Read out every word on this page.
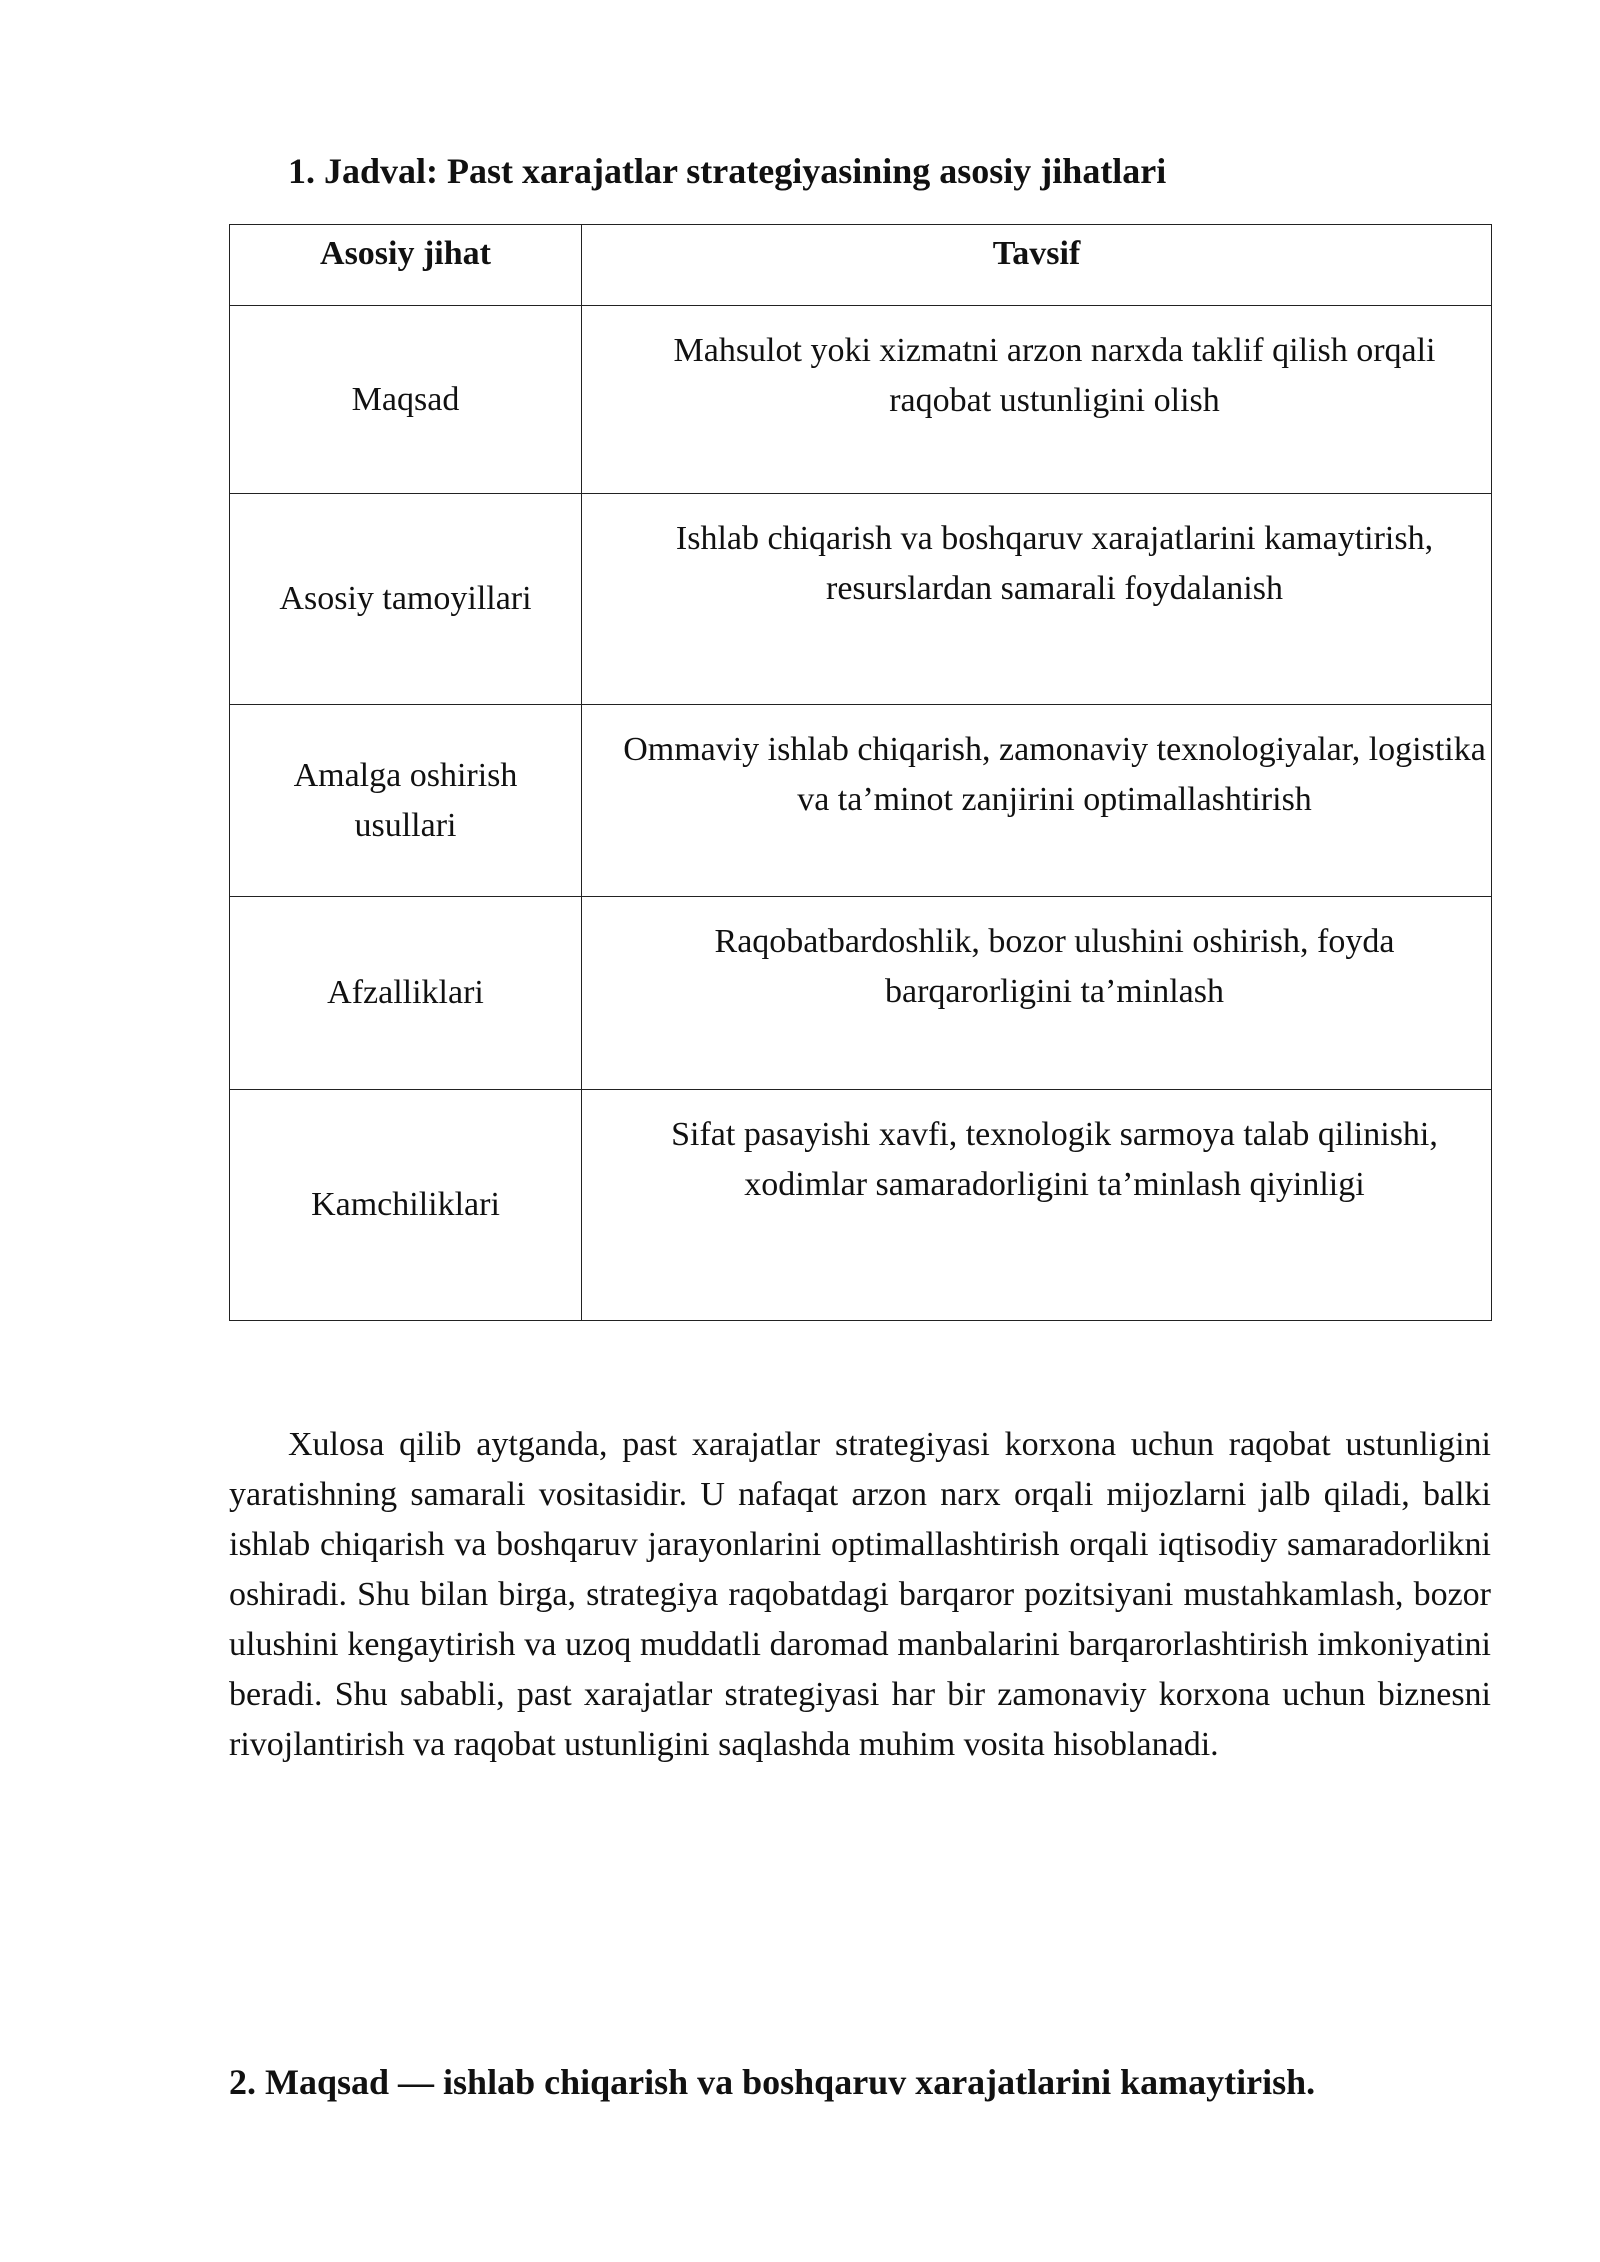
1. Jadval: Past xarajatlar strategiyasining asosiy jihatlari
Asosiy jihat	Tavsif
Maqsad	Mahsulot yoki xizmatni arzon narxda taklif qilish orqali raqobat ustunligini olish
Asosiy tamoyillari	Ishlab chiqarish va boshqaruv xarajatlarini kamaytirish, resurslardan samarali foydalanish
Amalga oshirish usullari	Ommaviy ishlab chiqarish, zamonaviy texnologiyalar, logistika va ta’minot zanjirini optimallashtirish
Afzalliklari	Raqobatbardoshlik, bozor ulushini oshirish, foyda barqarorligini ta’minlash
Kamchiliklari	Sifat pasayishi xavfi, texnologik sarmoya talab qilinishi, xodimlar samaradorligini ta’minlash qiyinligi

Xulosa qilib aytganda, past xarajatlar strategiyasi korxona uchun raqobat ustunligini yaratishning samarali vositasidir. U nafaqat arzon narx orqali mijozlarni jalb qiladi, balki ishlab chiqarish va boshqaruv jarayonlarini optimallashtirish orqali iqtisodiy samaradorlikni oshiradi. Shu bilan birga, strategiya raqobatdagi barqaror pozitsiyani mustahkamlash, bozor ulushini kengaytirish va uzoq muddatli daromad manbalarini barqarorlashtirish imkoniyatini beradi. Shu sababli, past xarajatlar strategiyasi har bir zamonaviy korxona uchun biznesni rivojlantirish va raqobat ustunligini saqlashda muhim vosita hisoblanadi.

2. Maqsad — ishlab chiqarish va boshqaruv xarajatlarini kamaytirish.
